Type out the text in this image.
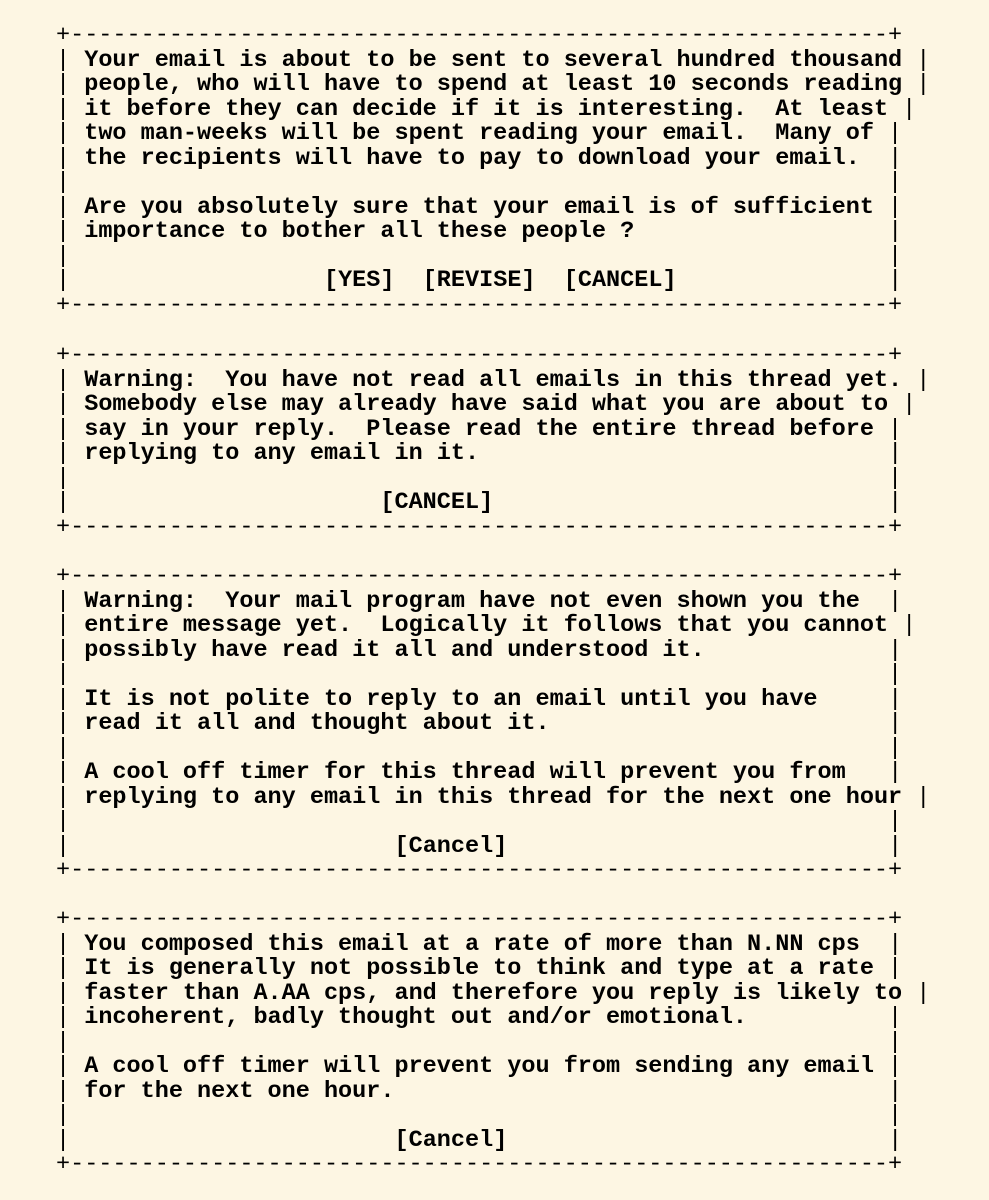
+----------------------------------------------------------+
| Your email is about to be sent to several hundred thousand |
| people, who will have to spend at least 10 seconds reading |
| it before they can decide if it is interesting.  At least |
| two man-weeks will be spent reading your email.  Many of |
| the recipients will have to pay to download your email.  |
|	|
| Are you absolutely sure that your email is of sufficient |
| importance to bother all these people ?	|
|	|
|	[YES] [REVISE] [CANCEL]	|
+----------------------------------------------------------+
+----------------------------------------------------------+
| Warning:  You have not read all emails in this thread yet. |
| Somebody else may already have said what you are about to |
| say in your reply.  Please read the entire thread before |
| replying to any email in it.	|
|	|
|	[CANCEL]	|
+----------------------------------------------------------+
+----------------------------------------------------------+
| Warning:  Your mail program have not even shown you the  |
| entire message yet.  Logically it follows that you cannot |
| possibly have read it all and understood it.	|
|	|
| It is not polite to reply to an email until you have     |
| read it all and thought about it.	|
|	|
| A cool off timer for this thread will prevent you from   |
| replying to any email in this thread for the next one hour |
|	|
|	[Cancel]	|
+----------------------------------------------------------+
+----------------------------------------------------------+
| You composed this email at a rate of more than N.NN cps  |
| It is generally not possible to think and type at a rate |
| faster than A.AA cps, and therefore you reply is likely to |
| incoherent, badly thought out and/or emotional.	|
|	|
| A cool off timer will prevent you from sending any email |
| for the next one hour.	|
|	|
|	[Cancel]	|
+----------------------------------------------------------+
